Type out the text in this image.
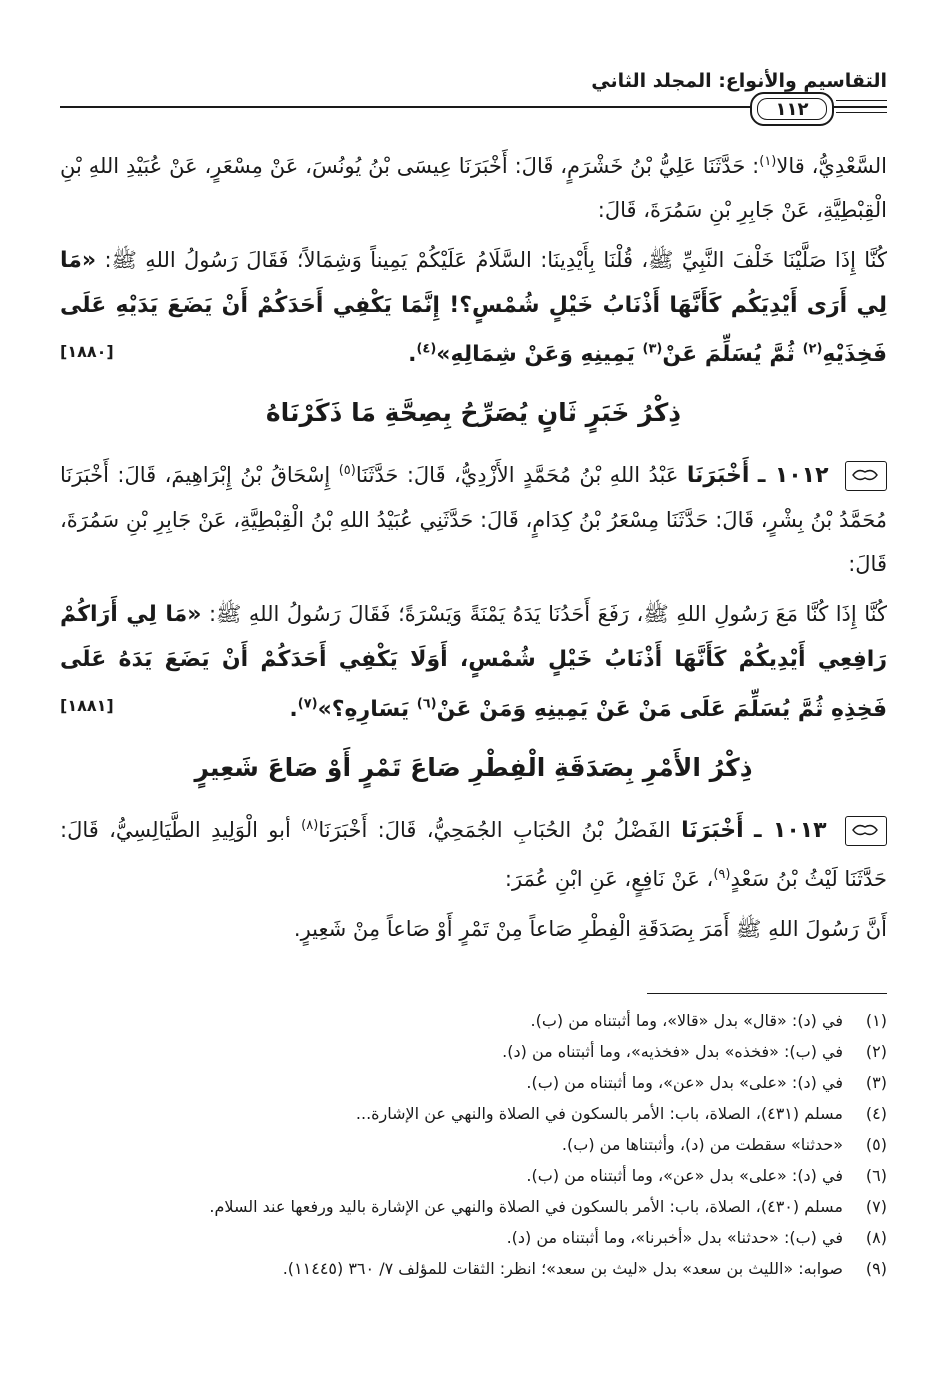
التقاسيم والأنواع: المجلد الثاني
١١٢

السَّعْدِيُّ، قالا$^{(١)}$: حَدَّثَنَا عَلِيُّ بْنُ خَشْرَمٍ، قَالَ: أَخْبَرَنَا عِيسَى بْنُ يُونُسَ، عَنْ مِسْعَرٍ، عَنْ عُبَيْدِ اللهِ بْنِ الْقِبْطِيَّةِ، عَنْ جَابِرِ بْنِ سَمُرَةَ، قَالَ:

كُنَّا إِذَا صَلَّيْنَا خَلْفَ النَّبِيِّ ﷺ، قُلْنَا بِأَيْدِينَا: السَّلَامُ عَلَيْكُمْ يَمِيناً وَشِمَالاً؛ فَقَالَ رَسُولُ اللهِ ﷺ: «مَا لِي أَرَى أَيْدِيَكُم كَأَنَّهَا أَذْنَابُ خَيْلٍ شُمْسٍ؟! إِنَّمَا يَكْفِي أَحَدَكُمْ أَنْ يَضَعَ يَدَيْهِ عَلَى فَخِذَيْهِ$^{(٢)}$ ثُمَّ يُسَلِّمَ عَنْ$^{(٣)}$ يَمِينِهِ وَعَنْ شِمَالِهِ»$^{(٤)}$.
[١٨٨٠]

ذِكْرُ خَبَرٍ ثَانٍ يُصَرِّحُ بِصِحَّةِ مَا ذَكَرْنَاهُ

١٠١٢ ـ أَخْبَرَنَا عَبْدُ اللهِ بْنُ مُحَمَّدٍ الأَزْدِيُّ، قَالَ: حَدَّثَنَا$^{(٥)}$ إِسْحَاقُ بْنُ إِبْرَاهِيمَ، قَالَ: أَخْبَرَنَا مُحَمَّدُ بْنُ بِشْرٍ، قَالَ: حَدَّثَنَا مِسْعَرُ بْنُ كِدَامٍ، قَالَ: حَدَّثَنِي عُبَيْدُ اللهِ بْنُ الْقِبْطِيَّةِ، عَنْ جَابِرِ بْنِ سَمُرَةَ، قَالَ:

كُنَّا إِذَا كُنَّا مَعَ رَسُولِ اللهِ ﷺ، رَفَعَ أَحَدُنَا يَدَهُ يَمْنَةً وَيَسْرَةً؛ فَقَالَ رَسُولُ اللهِ ﷺ: «مَا لِي أَرَاكُمْ رَافِعِي أَيْدِيكُمْ كَأَنَّهَا أَذْنَابُ خَيْلٍ شُمْسٍ، أَوَلَا يَكْفِي أَحَدَكُمْ أَنْ يَضَعَ يَدَهُ عَلَى فَخِذِهِ ثُمَّ يُسَلِّمَ عَلَى مَنْ عَنْ يَمِينِهِ وَمَنْ عَنْ$^{(٦)}$ يَسَارِهِ؟»$^{(٧)}$.
[١٨٨١]

ذِكْرُ الأَمْرِ بِصَدَقَةِ الْفِطْرِ صَاعَ تَمْرٍ أَوْ صَاعَ شَعِيرٍ

١٠١٣ ـ أَخْبَرَنَا الفَضْلُ بْنُ الحُبَابِ الجُمَحِيُّ، قَالَ: أَخْبَرَنَا$^{(٨)}$ أبو الْوَلِيدِ الطَّيَالِسِيُّ، قَالَ: حَدَّثَنَا لَيْثُ بْنُ سَعْدٍ$^{(٩)}$، عَنْ نَافِعٍ، عَنِ ابْنِ عُمَرَ:

أَنَّ رَسُولَ اللهِ ﷺ أَمَرَ بِصَدَقَةِ الْفِطْرِ صَاعاً مِنْ تَمْرٍ أَوْ صَاعاً مِنْ شَعِيرٍ.

(١)
في (د): «قال» بدل «قالا»، وما أثبتناه من (ب).
(٢)
في (ب): «فخذه» بدل «فخذيه»، وما أثبتناه من (د).
(٣)
في (د): «على» بدل «عن»، وما أثبتناه من (ب).
(٤)
مسلم (٤٣١)، الصلاة، باب: الأمر بالسكون في الصلاة والنهي عن الإشارة...
(٥)
«حدثنا» سقطت من (د)، وأثبتناها من (ب).
(٦)
في (د): «على» بدل «عن»، وما أثبتناه من (ب).
(٧)
مسلم (٤٣٠)، الصلاة، باب: الأمر بالسكون في الصلاة والنهي عن الإشارة باليد ورفعها عند السلام.
(٨)
في (ب): «حدثنا» بدل «أخبرنا»، وما أثبتناه من (د).
(٩)
صوابه: «الليث بن سعد» بدل «ليث بن سعد»؛ انظر: الثقات للمؤلف ٧/ ٣٦٠ (١١٤٤٥).
